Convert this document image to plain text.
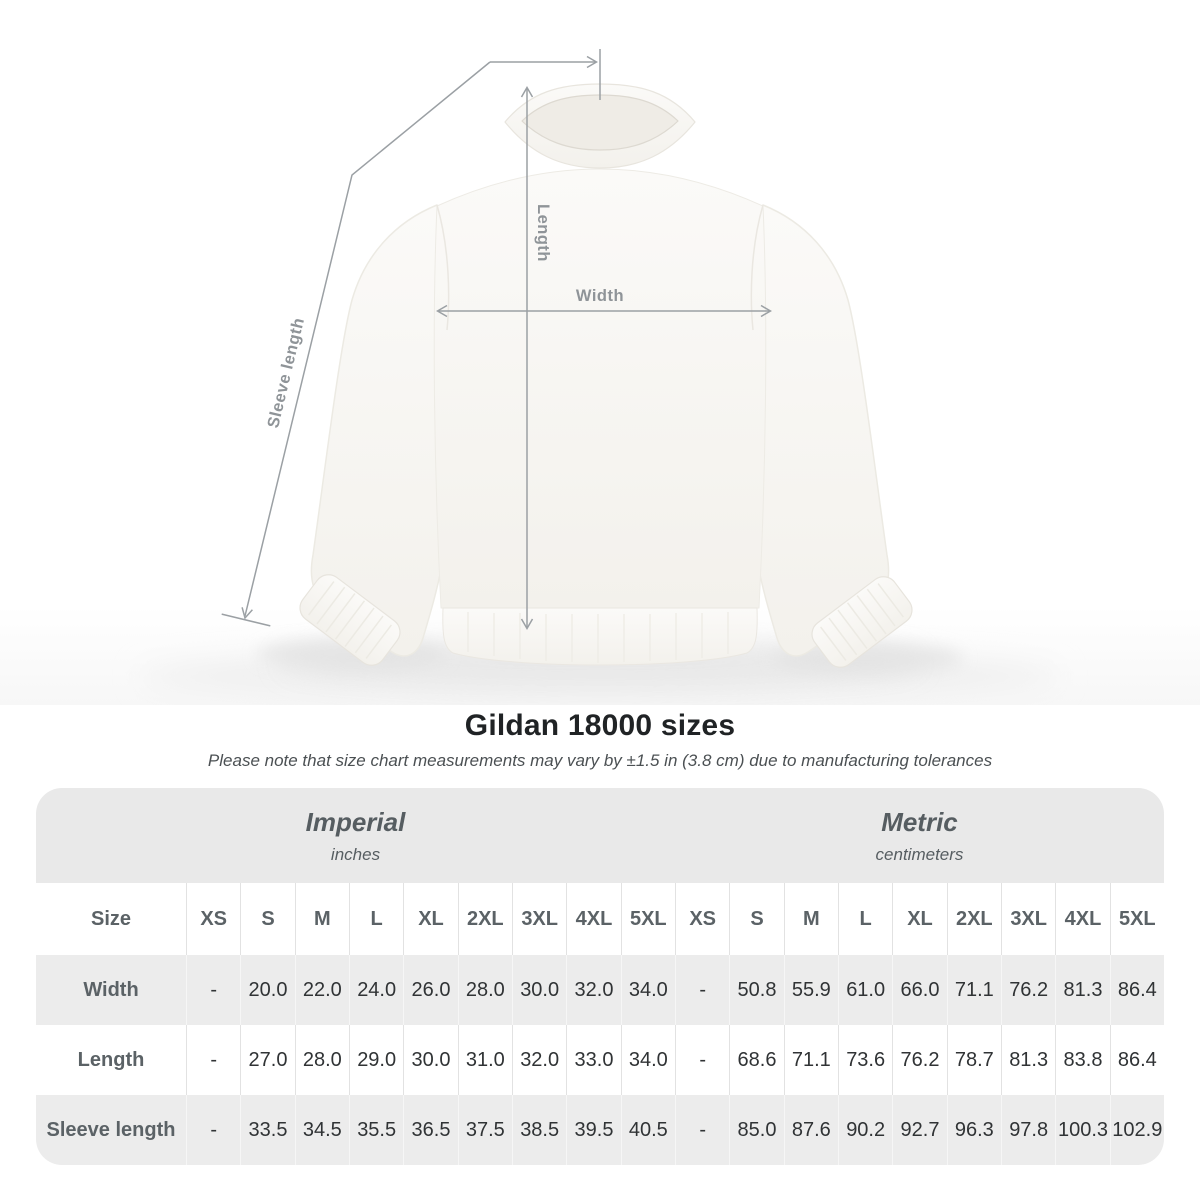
Width
Length
Sleeve length
Gildan 18000 sizes

Please note that size chart measurements may vary by ±1.5 in (3.8 cm) due to manufacturing tolerances

Imperial
inches
Metric
centimeters
Size	XS	S	M	L	XL	2XL 3XL 4XL 5XL	XS	S	M	L	XL	2XL 3XL 4XL 5XL
Width	-	20.0 22.0 24.0 26.0 28.0 30.0 32.0 34.0	-	50.8 55.9 61.0 66.0 71.1 76.2 81.3 86.4
Length	-	27.0 28.0 29.0 30.0 31.0 32.0 33.0 34.0	-	68.6 71.1 73.6 76.2 78.7 81.3 83.8 86.4
Sleeve length	-	33.5 34.5 35.5 36.5 37.5 38.5 39.5 40.5	-	85.0 87.6 90.2 92.7 96.3 97.8 100.3 102.9
